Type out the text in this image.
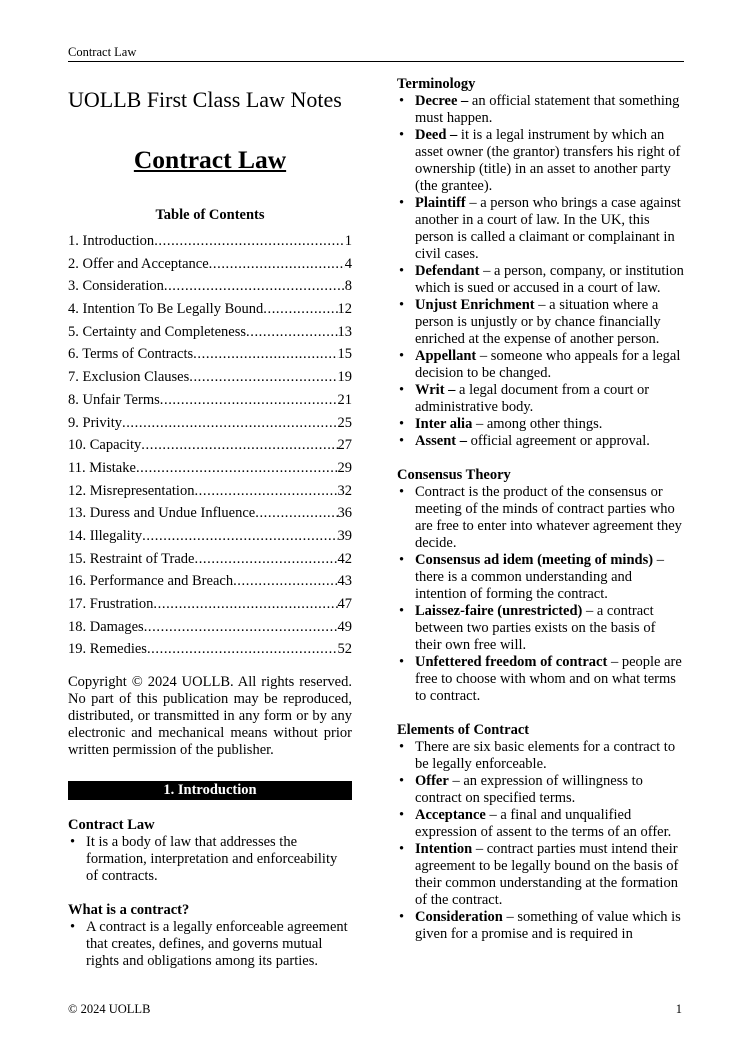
Contract Law
UOLLB First Class Law Notes
Contract Law
Table of Contents
1. Introduction .....	1
2. Offer and Acceptance .....	4
3. Consideration .....	8
4. Intention To Be Legally Bound .....	12
5. Certainty and Completeness .....	13
6. Terms of Contracts .....	15
7. Exclusion Clauses .....	19
8. Unfair Terms .....	21
9. Privity .....	25
10. Capacity .....	27
11. Mistake .....	29
12. Misrepresentation .....	32
13. Duress and Undue Influence .....	36
14. Illegality .....	39
15. Restraint of Trade .....	42
16. Performance and Breach .....	43
17. Frustration .....	47
18. Damages .....	49
19. Remedies .....	52
Copyright © 2024 UOLLB. All rights reserved. No part of this publication may be reproduced, distributed, or transmitted in any form or by any electronic and mechanical means without prior written permission of the publisher.
1. Introduction
Contract Law
• It is a body of law that addresses the formation, interpretation and enforceability of contracts.
What is a contract?
• A contract is a legally enforceable agreement that creates, defines, and governs mutual rights and obligations among its parties.
Terminology
• Decree – an official statement that something must happen.
• Deed – it is a legal instrument by which an asset owner (the grantor) transfers his right of ownership (title) in an asset to another party (the grantee).
• Plaintiff – a person who brings a case against another in a court of law. In the UK, this person is called a claimant or complainant in civil cases.
• Defendant – a person, company, or institution which is sued or accused in a court of law.
• Unjust Enrichment – a situation where a person is unjustly or by chance financially enriched at the expense of another person.
• Appellant – someone who appeals for a legal decision to be changed.
• Writ – a legal document from a court or administrative body.
• Inter alia – among other things.
• Assent – official agreement or approval.
Consensus Theory
• Contract is the product of the consensus or meeting of the minds of contract parties who are free to enter into whatever agreement they decide.
• Consensus ad idem (meeting of minds) – there is a common understanding and intention of forming the contract.
• Laissez-faire (unrestricted) – a contract between two parties exists on the basis of their own free will.
• Unfettered freedom of contract – people are free to choose with whom and on what terms to contract.
Elements of Contract
• There are six basic elements for a contract to be legally enforceable.
• Offer – an expression of willingness to contract on specified terms.
• Acceptance – a final and unqualified expression of assent to the terms of an offer.
• Intention – contract parties must intend their agreement to be legally bound on the basis of their common understanding at the formation of the contract.
• Consideration – something of value which is given for a promise and is required in
© 2024 UOLLB	1
